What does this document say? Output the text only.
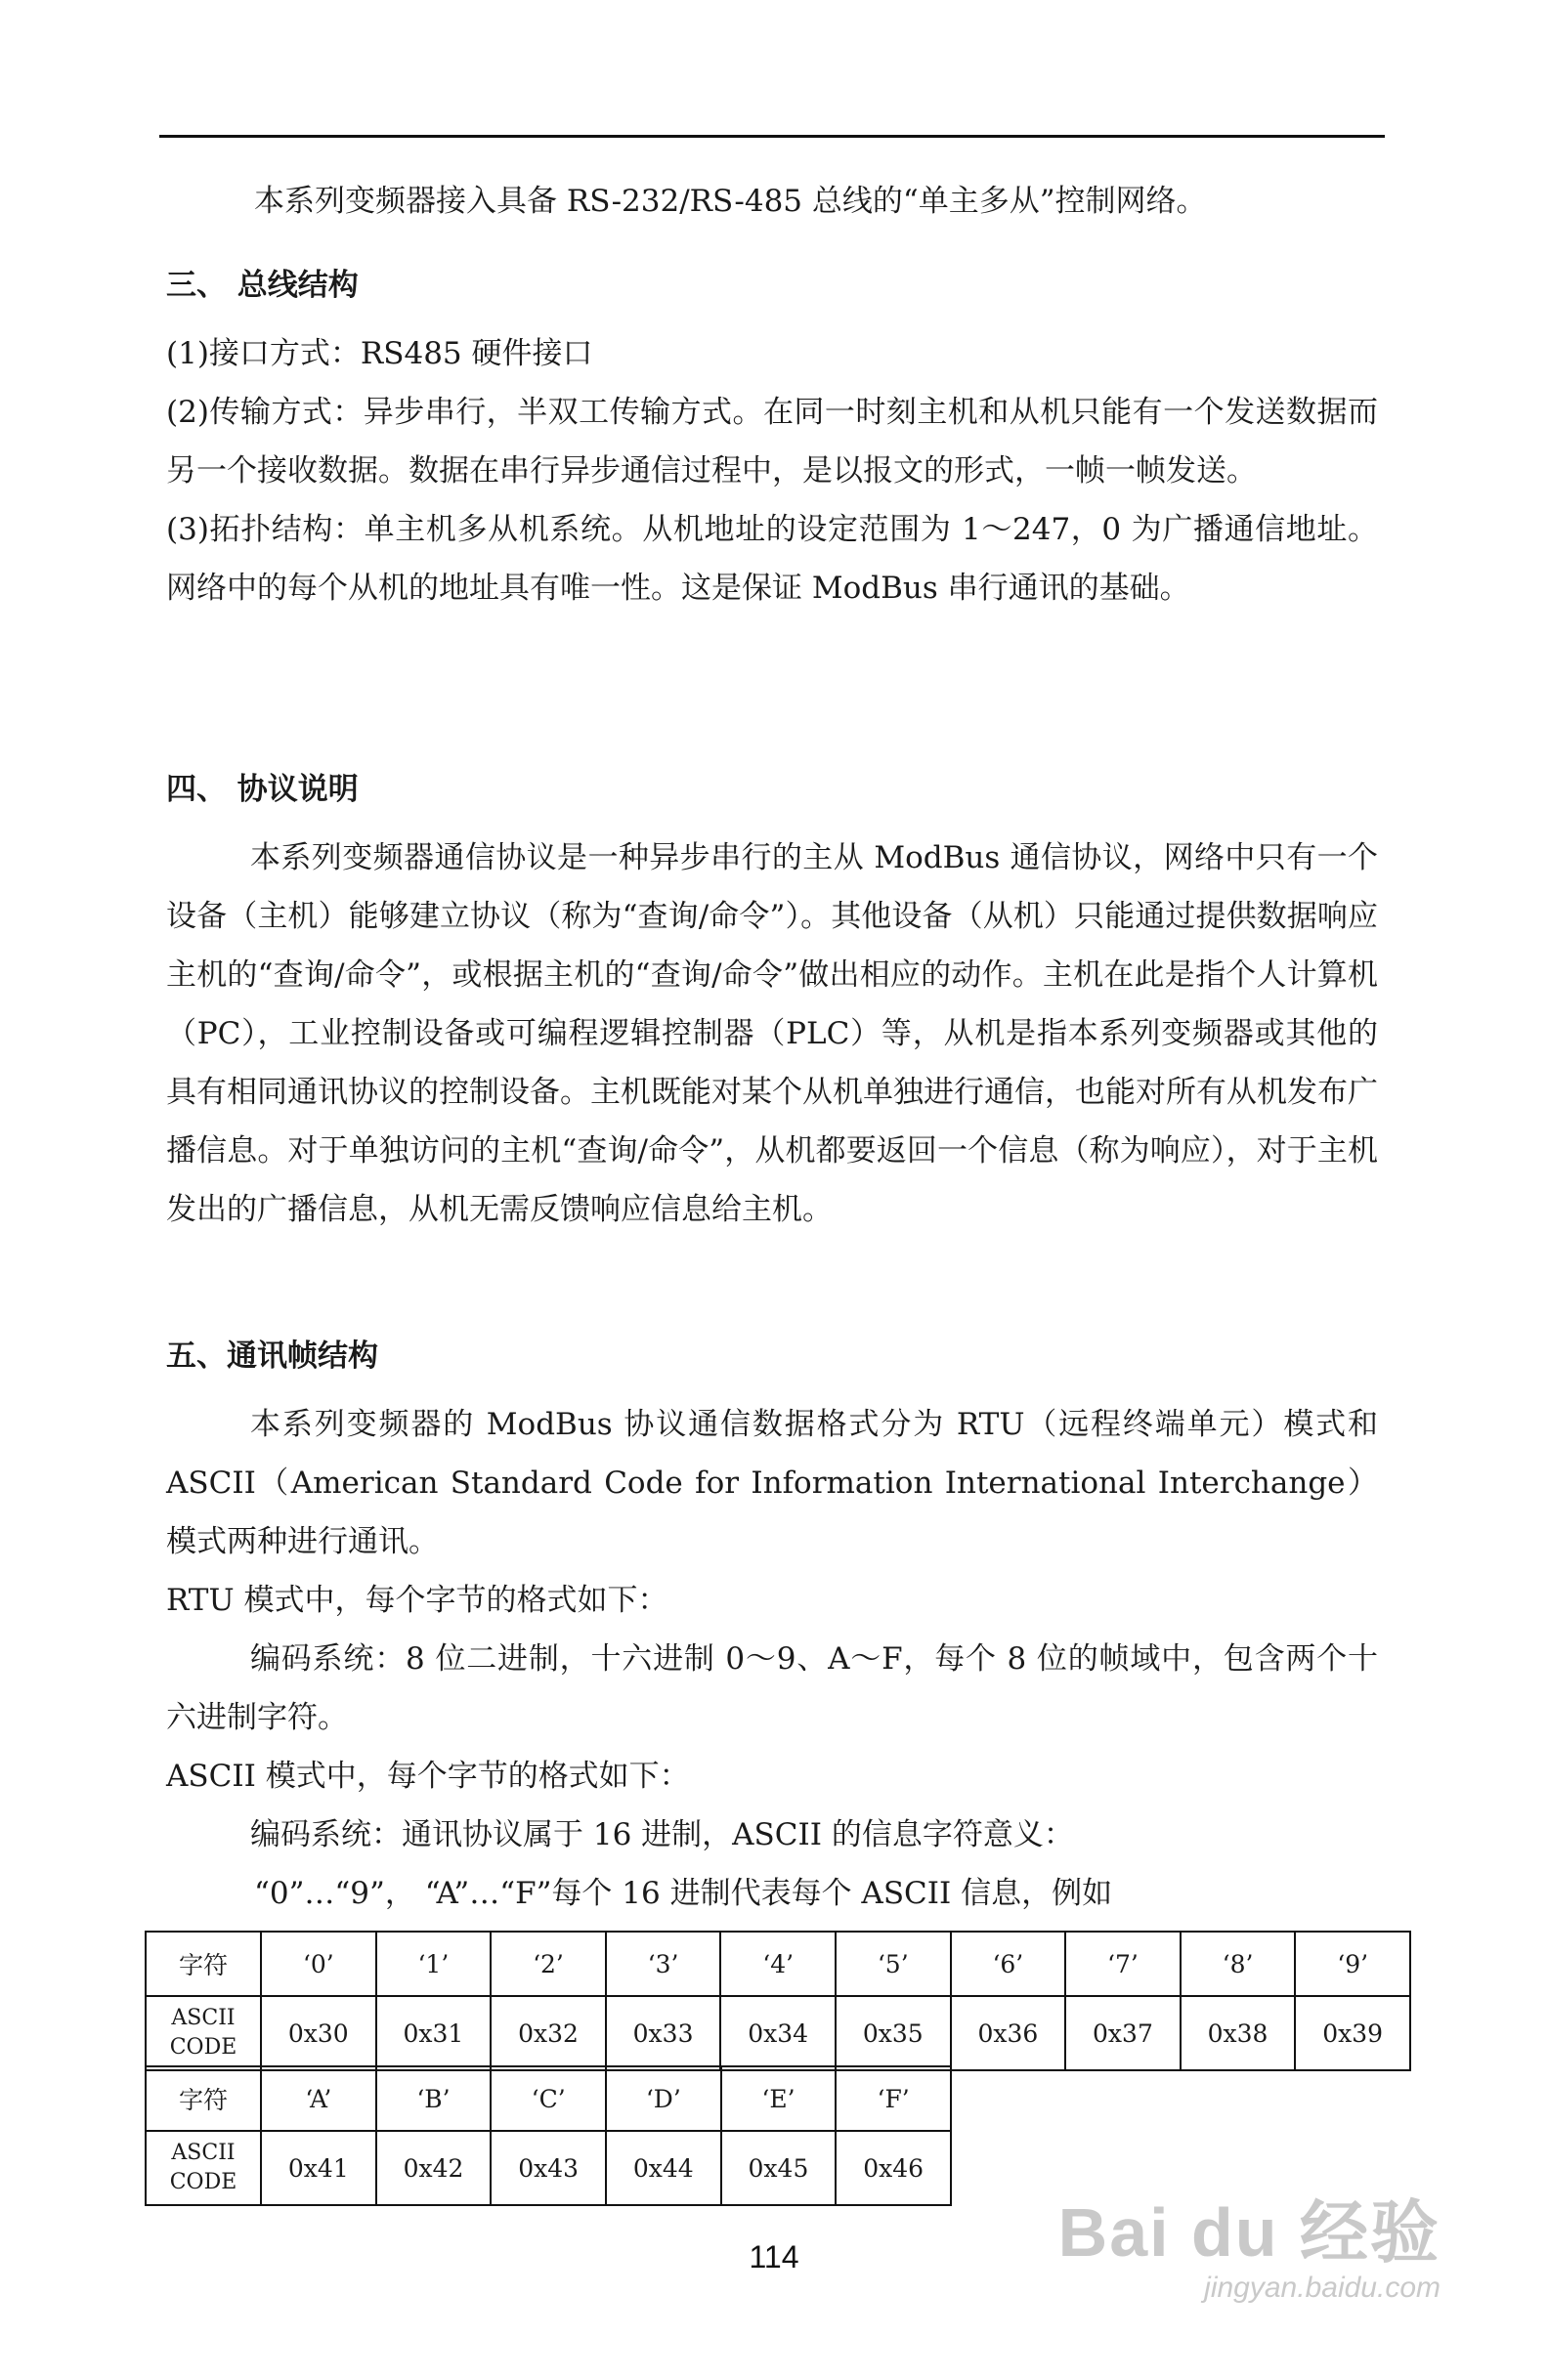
本系列变频器接入具备 RS-232/RS-485 总线的“单主多从”控制网络。

三、 总线结构

(1)接口方式：RS485 硬件接口

(2)传输方式：异步串行，半双工传输方式。在同一时刻主机和从机只能有一个发送数据而另一个接收数据。数据在串行异步通信过程中，是以报文的形式，一帧一帧发送。

(3)拓扑结构：单主机多从机系统。从机地址的设定范围为 1～247，0 为广播通信地址。网络中的每个从机的地址具有唯一性。这是保证 ModBus 串行通讯的基础。

四、 协议说明

本系列变频器通信协议是一种异步串行的主从 ModBus 通信协议，网络中只有一个设备（主机）能够建立协议（称为“查询/命令”）。其他设备（从机）只能通过提供数据响应主机的“查询/命令”，或根据主机的“查询/命令”做出相应的动作。主机在此是指个人计算机（PC），工业控制设备或可编程逻辑控制器（PLC）等，从机是指本系列变频器或其他的具有相同通讯协议的控制设备。主机既能对某个从机单独进行通信，也能对所有从机发布广播信息。对于单独访问的主机“查询/命令”，从机都要返回一个信息（称为响应），对于主机发出的广播信息，从机无需反馈响应信息给主机。

五、通讯帧结构

本系列变频器的 ModBus 协议通信数据格式分为 RTU（远程终端单元）模式和 ASCII（American Standard Code for Information International Interchange）模式两种进行通讯。

RTU 模式中，每个字节的格式如下：

编码系统：8 位二进制，十六进制 0～9、A～F，每个 8 位的帧域中，包含两个十六进制字符。

ASCII 模式中，每个字节的格式如下：

编码系统：通讯协议属于 16 进制，ASCII 的信息字符意义：

“0”…“9”， “A”…“F”每个 16 进制代表每个 ASCII 信息，例如

字符	‘0’	‘1’	‘2’	‘3’	‘4’	‘5’	‘6’	‘7’	‘8’	‘9’

ASCII
CODE	0x30	0x31	0x32	0x33	0x34	0x35	0x36	0x37	0x38	0x39
字符	‘A’	‘B’	‘C’	‘D’	‘E’	‘F’

ASCII
CODE	0x41	0x42	0x43	0x44	0x45	0x46
114	Bai du 经验
jingyan.baidu.com
